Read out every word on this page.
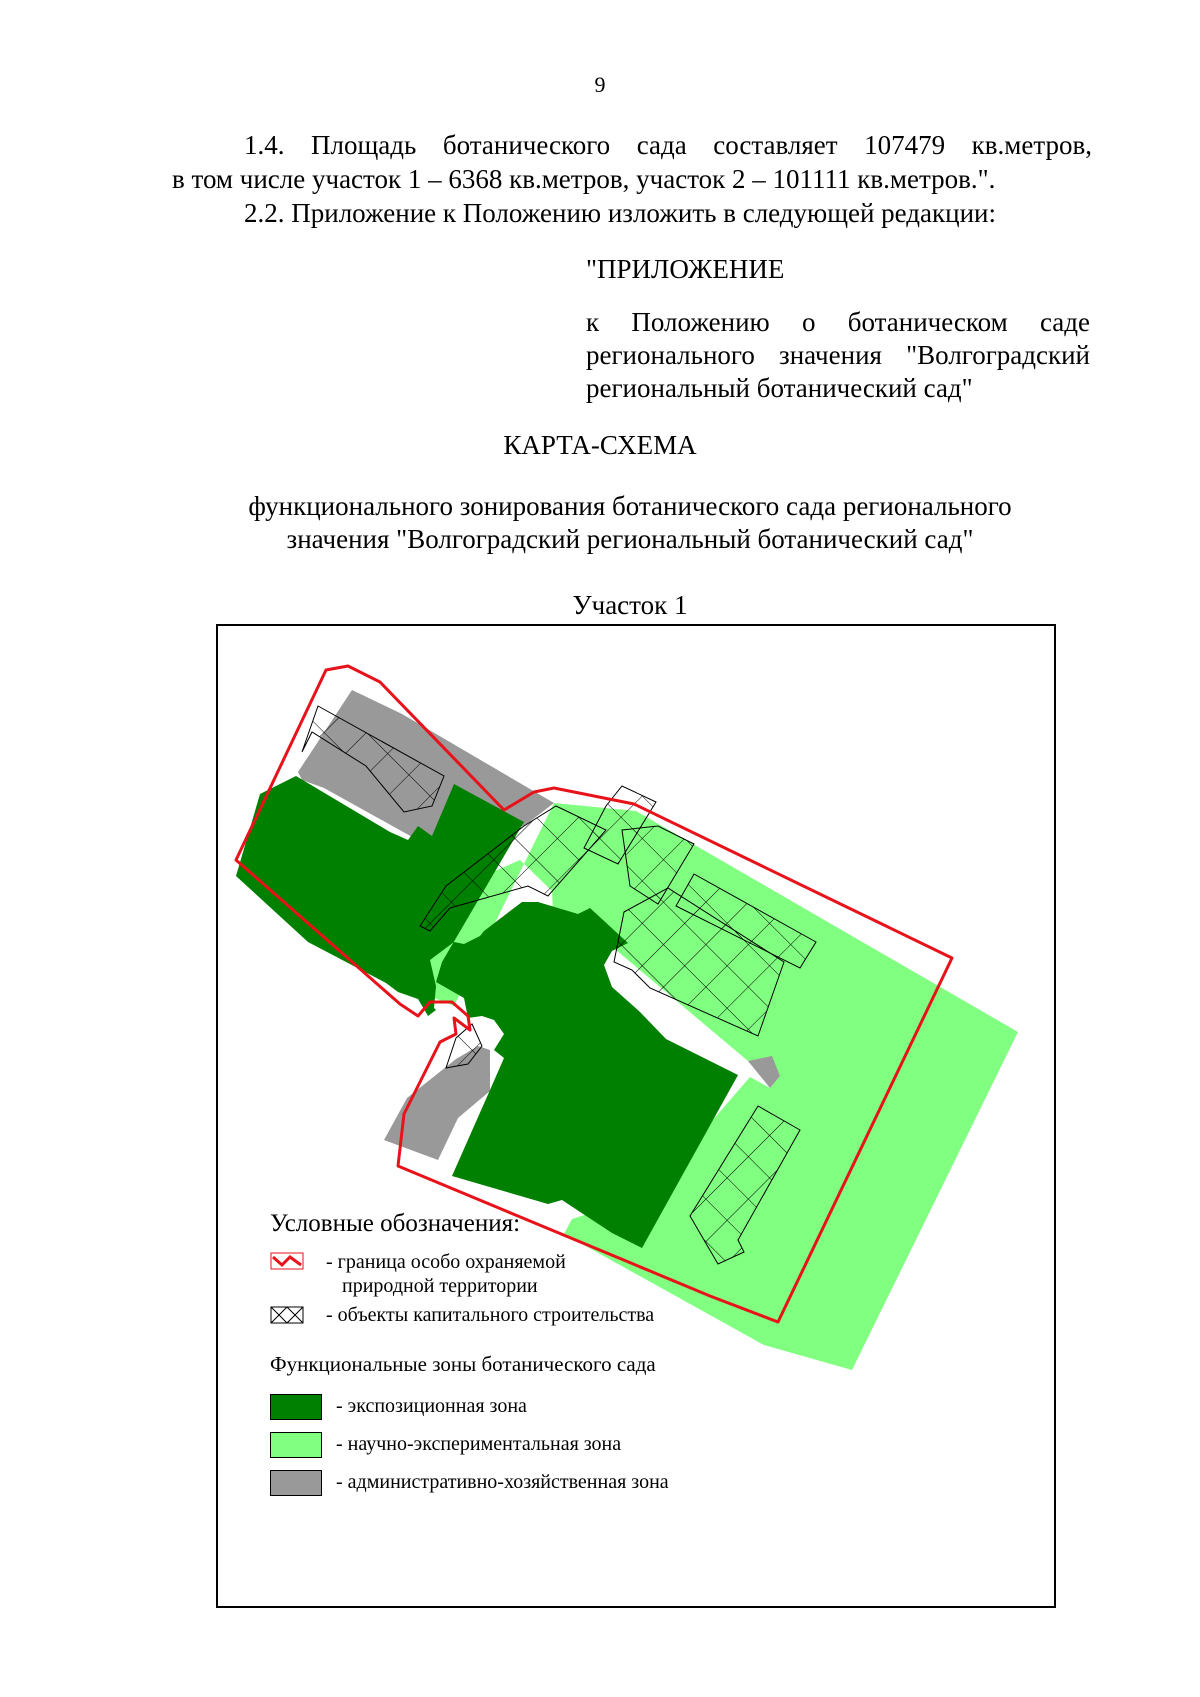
9
1.4. Площадь ботанического сада составляет 107479 кв.метров,
в том числе участок 1 – 6368 кв.метров, участок 2 – 101111 кв.метров.".
2.2. Приложение к Положению изложить в следующей редакции:
"ПРИЛОЖЕНИЕ
к Положению о ботаническом саде
регионального значения "Волгоградский
региональный ботанический сад"
КАРТА-СХЕМА
функционального зонирования ботанического сада регионального
значения "Волгоградский региональный ботанический сад"
Участок 1
Условные обозначения:
- граница особо охраняемой
природной территории
- объекты капитального строительства
Функциональные зоны ботанического сада
- экспозиционная зона
- научно-экспериментальная зона
- административно-хозяйственная зона
